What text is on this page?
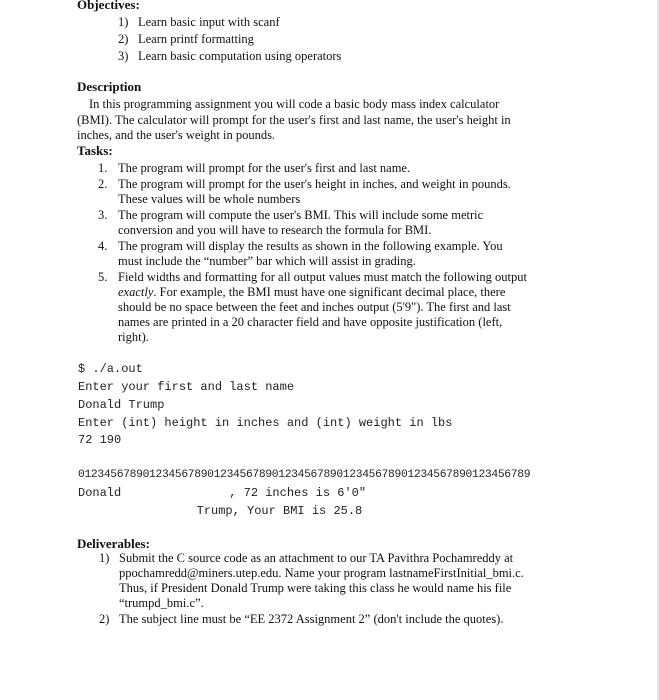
Objectives:
1) Learn basic input with scanf
2) Learn printf formatting
3) Learn basic computation using operators
Description
In this programming assignment you will code a basic body mass index calculator
(BMI). The calculator will prompt for the user's first and last name, the user's height in
inches, and the user's weight in pounds.
Tasks:
1. The program will prompt for the user's first and last name.
2. The program will prompt for the user's height in inches, and weight in pounds.
These values will be whole numbers
3. The program will compute the user's BMI. This will include some metric
conversion and you will have to research the formula for BMI.
4. The program will display the results as shown in the following example. You
must include the “number” bar which will assist in grading.
5. Field widths and formatting for all output values must match the following output
exactly. For example, the BMI must have one significant decimal place, there
should be no space between the feet and inches output (5'9"). The first and last
names are printed in a 20 character field and have opposite justification (left,
right).
$ ./a.out
Enter your first and last name
Donald Trump
Enter (int) height in inches and (int) weight in lbs
72 190
0123456789012345678901234567890123456789012345678901234567890123456789
Donald               , 72 inches is 6'0"
Trump, Your BMI is 25.8
Deliverables:
1) Submit the C source code as an attachment to our TA Pavithra Pochamreddy at
ppochamredd@miners.utep.edu. Name your program lastnameFirstInitial_bmi.c.
Thus, if President Donald Trump were taking this class he would name his file
“trumpd_bmi.c”.
2) The subject line must be “EE 2372 Assignment 2” (don't include the quotes).
